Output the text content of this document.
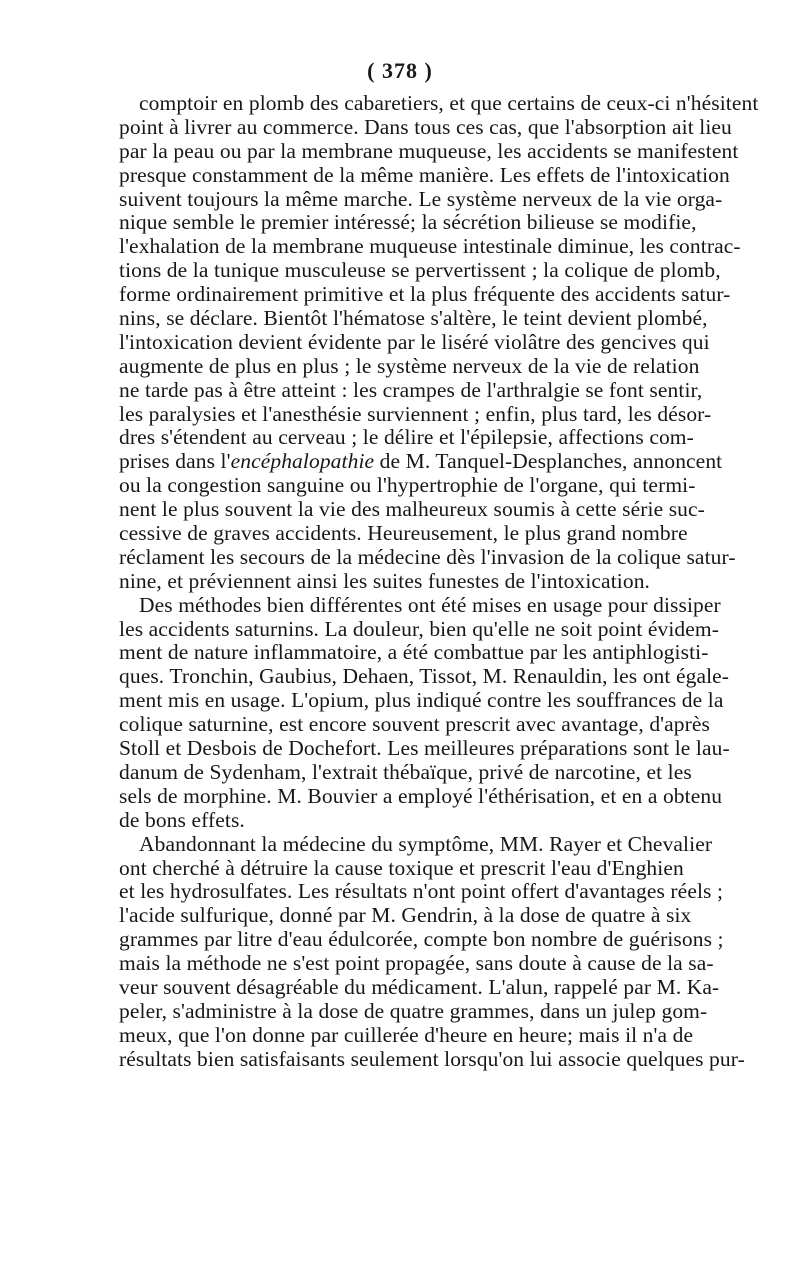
( 378 )
comptoir en plomb des cabaretiers, et que certains de ceux-ci n'hésitent
point à livrer au commerce. Dans tous ces cas, que l'absorption ait lieu
par la peau ou par la membrane muqueuse, les accidents se manifestent
presque constamment de la même manière. Les effets de l'intoxication
suivent toujours la même marche. Le système nerveux de la vie orga-
nique semble le premier intéressé; la sécrétion bilieuse se modifie,
l'exhalation de la membrane muqueuse intestinale diminue, les contrac-
tions de la tunique musculeuse se pervertissent ; la colique de plomb,
forme ordinairement primitive et la plus fréquente des accidents satur-
nins, se déclare. Bientôt l'hématose s'altère, le teint devient plombé,
l'intoxication devient évidente par le liséré violâtre des gencives qui
augmente de plus en plus ; le système nerveux de la vie de relation
ne tarde pas à être atteint : les crampes de l'arthralgie se font sentir,
les paralysies et l'anesthésie surviennent ; enfin, plus tard, les désor-
dres s'étendent au cerveau ; le délire et l'épilepsie, affections com-
prises dans l'encéphalopathie de M. Tanquel-Desplanches, annoncent
ou la congestion sanguine ou l'hypertrophie de l'organe, qui termi-
nent le plus souvent la vie des malheureux soumis à cette série suc-
cessive de graves accidents. Heureusement, le plus grand nombre
réclament les secours de la médecine dès l'invasion de la colique satur-
nine, et préviennent ainsi les suites funestes de l'intoxication.
Des méthodes bien différentes ont été mises en usage pour dissiper
les accidents saturnins. La douleur, bien qu'elle ne soit point évidem-
ment de nature inflammatoire, a été combattue par les antiphlogisti-
ques. Tronchin, Gaubius, Dehaen, Tissot, M. Renauldin, les ont égale-
ment mis en usage. L'opium, plus indiqué contre les souffrances de la
colique saturnine, est encore souvent prescrit avec avantage, d'après
Stoll et Desbois de Dochefort. Les meilleures préparations sont le lau-
danum de Sydenham, l'extrait thébaïque, privé de narcotine, et les
sels de morphine. M. Bouvier a employé l'éthérisation, et en a obtenu
de bons effets.
Abandonnant la médecine du symptôme, MM. Rayer et Chevalier
ont cherché à détruire la cause toxique et prescrit l'eau d'Enghien
et les hydrosulfates. Les résultats n'ont point offert d'avantages réels ;
l'acide sulfurique, donné par M. Gendrin, à la dose de quatre à six
grammes par litre d'eau édulcorée, compte bon nombre de guérisons ;
mais la méthode ne s'est point propagée, sans doute à cause de la sa-
veur souvent désagréable du médicament. L'alun, rappelé par M. Ka-
peler, s'administre à la dose de quatre grammes, dans un julep gom-
meux, que l'on donne par cuillerée d'heure en heure; mais il n'a de
résultats bien satisfaisants seulement lorsqu'on lui associe quelques pur-
